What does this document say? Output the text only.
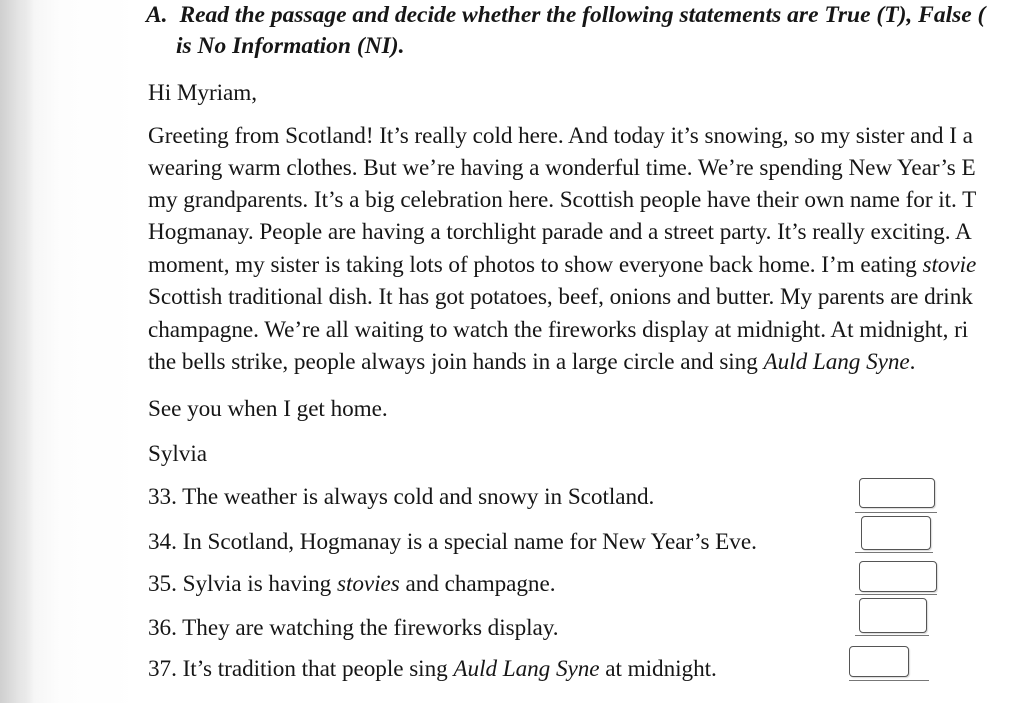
A. Read the passage and decide whether the following statements are True (T), False (
is No Information (NI).
Hi Myriam,
Greeting from Scotland! It’s really cold here. And today it’s snowing, so my sister and I a
wearing warm clothes. But we’re having a wonderful time. We’re spending New Year’s E
my grandparents. It’s a big celebration here. Scottish people have their own name for it. T
Hogmanay. People are having a torchlight parade and a street party. It’s really exciting. A
moment, my sister is taking lots of photos to show everyone back home. I’m eating stovie
Scottish traditional dish. It has got potatoes, beef, onions and butter. My parents are drink
champagne. We’re all waiting to watch the fireworks display at midnight. At midnight, ri
the bells strike, people always join hands in a large circle and sing Auld Lang Syne.
See you when I get home.
Sylvia
33. The weather is always cold and snowy in Scotland.
34. In Scotland, Hogmanay is a special name for New Year’s Eve.
35. Sylvia is having stovies and champagne.
36. They are watching the fireworks display.
37. It’s tradition that people sing Auld Lang Syne at midnight.
